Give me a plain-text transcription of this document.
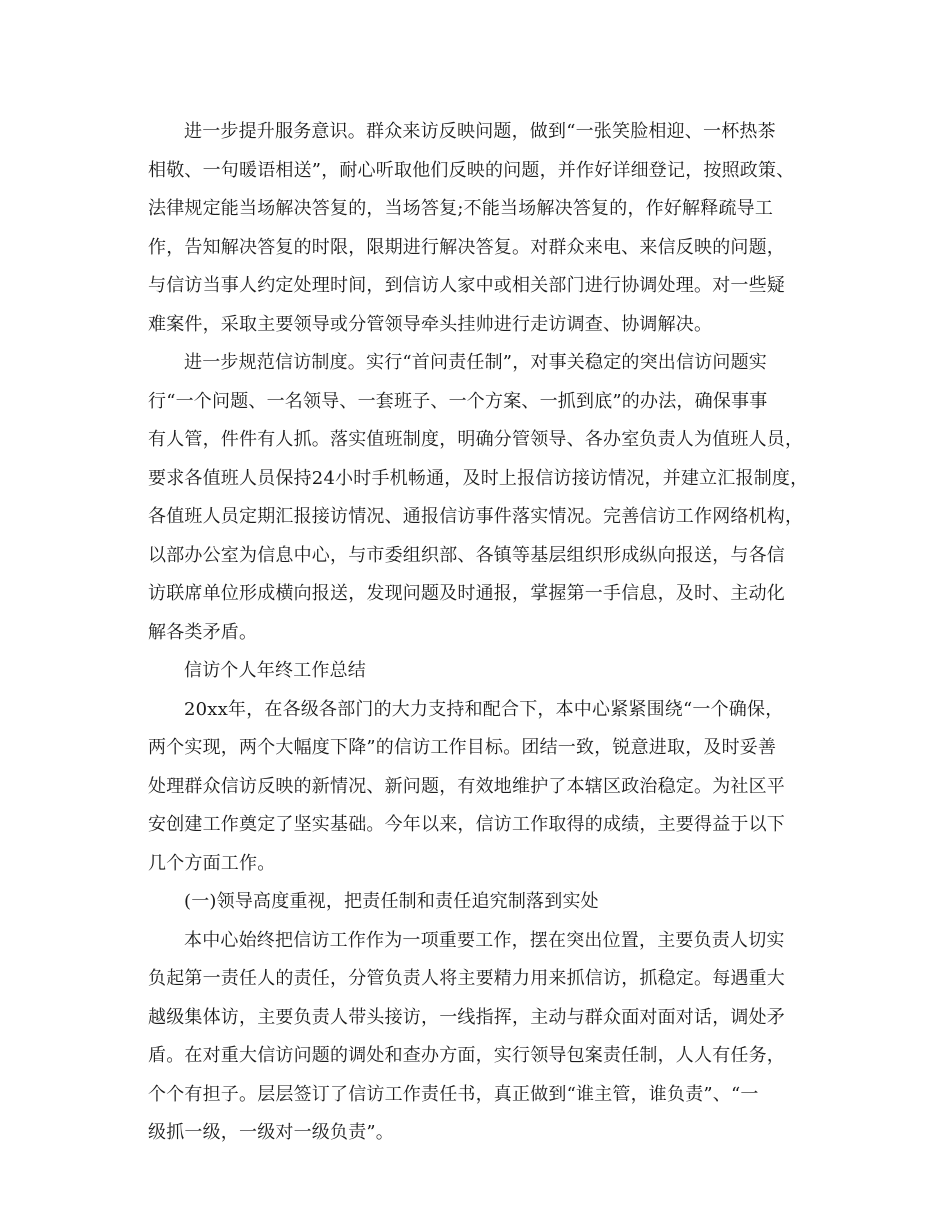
进一步提升服务意识。群众来访反映问题，做到“一张笑脸相迎、一杯热茶
相敬、一句暖语相送”，耐心听取他们反映的问题，并作好详细登记，按照政策、
法律规定能当场解决答复的，当场答复;不能当场解决答复的，作好解释疏导工
作，告知解决答复的时限，限期进行解决答复。对群众来电、来信反映的问题，
与信访当事人约定处理时间，到信访人家中或相关部门进行协调处理。对一些疑
难案件，采取主要领导或分管领导牵头挂帅进行走访调查、协调解决。
进一步规范信访制度。实行“首问责任制”，对事关稳定的突出信访问题实
行“一个问题、一名领导、一套班子、一个方案、一抓到底”的办法，确保事事
有人管，件件有人抓。落实值班制度，明确分管领导、各办室负责人为值班人员，
要求各值班人员保持24小时手机畅通，及时上报信访接访情况，并建立汇报制度，
各值班人员定期汇报接访情况、通报信访事件落实情况。完善信访工作网络机构，
以部办公室为信息中心，与市委组织部、各镇等基层组织形成纵向报送，与各信
访联席单位形成横向报送，发现问题及时通报，掌握第一手信息，及时、主动化
解各类矛盾。
信访个人年终工作总结
20xx年，在各级各部门的大力支持和配合下，本中心紧紧围绕“一个确保，
两个实现，两个大幅度下降”的信访工作目标。团结一致，锐意进取，及时妥善
处理群众信访反映的新情况、新问题，有效地维护了本辖区政治稳定。为社区平
安创建工作奠定了坚实基础。今年以来，信访工作取得的成绩，主要得益于以下
几个方面工作。
(一)领导高度重视，把责任制和责任追究制落到实处
本中心始终把信访工作作为一项重要工作，摆在突出位置，主要负责人切实
负起第一责任人的责任，分管负责人将主要精力用来抓信访，抓稳定。每遇重大
越级集体访，主要负责人带头接访，一线指挥，主动与群众面对面对话，调处矛
盾。在对重大信访问题的调处和查办方面，实行领导包案责任制，人人有任务，
个个有担子。层层签订了信访工作责任书，真正做到“谁主管，谁负责”、“一
级抓一级，一级对一级负责”。
